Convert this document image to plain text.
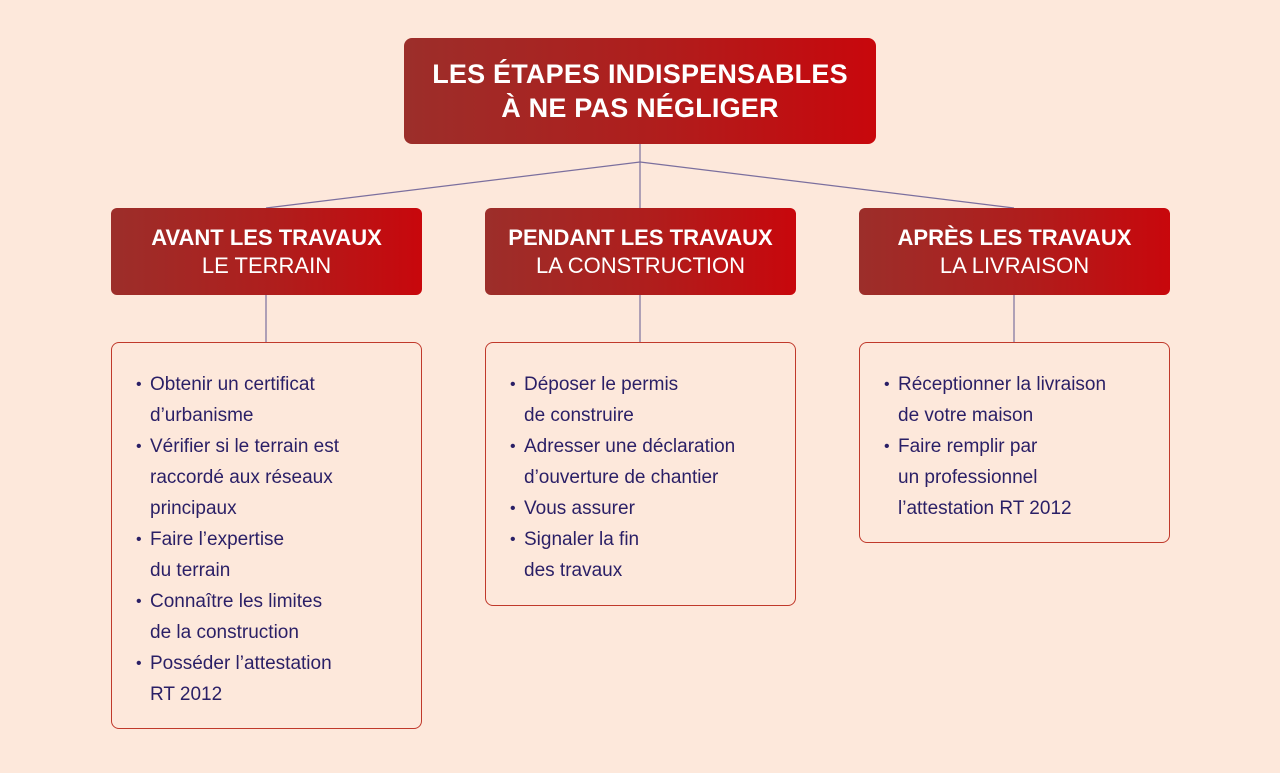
LES ÉTAPES INDISPENSABLES
À NE PAS NÉGLIGER
AVANT LES TRAVAUX
LE TERRAIN
PENDANT LES TRAVAUX
LA CONSTRUCTION
APRÈS LES TRAVAUX
LA LIVRAISON
• Obtenir un certificat
d’urbanisme
• Vérifier si le terrain est
raccordé aux réseaux
principaux
• Faire l’expertise
du terrain
• Connaître les limites
de la construction
• Posséder l’attestation
RT 2012
• Déposer le permis
de construire
• Adresser une déclaration
d’ouverture de chantier
• Vous assurer
• Signaler la fin
des travaux
• Réceptionner la livraison
de votre maison
• Faire remplir par
un professionnel
l’attestation RT 2012
